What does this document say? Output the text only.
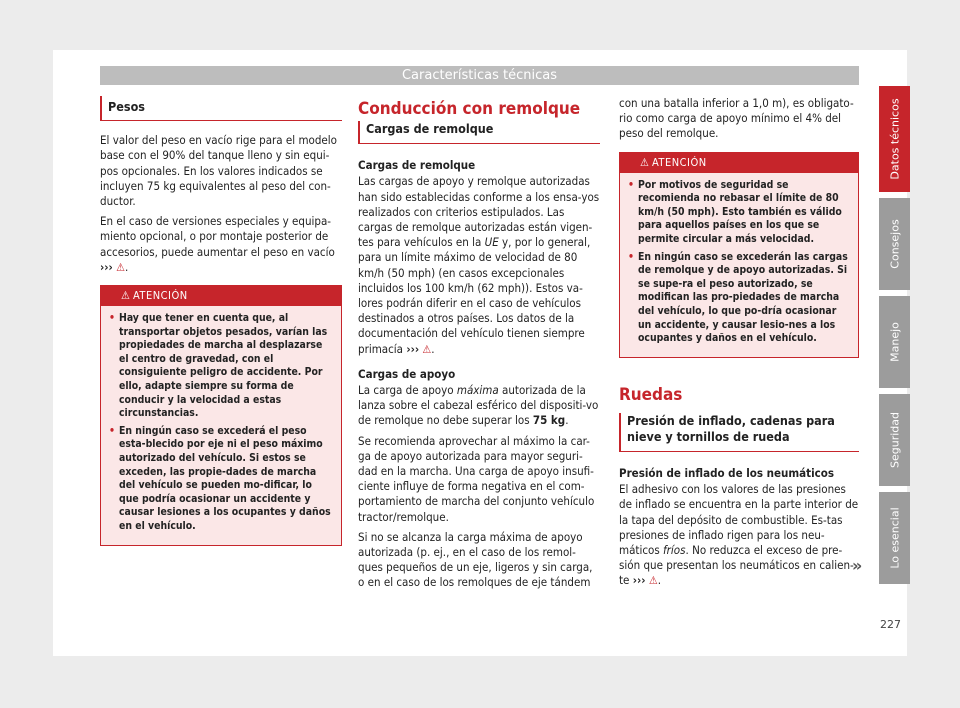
Características técnicas
Pesos

El valor del peso en vacío rige para el modelo base con el 90% del tanque lleno y sin equi-pos opcionales. En los valores indicados se incluyen 75 kg equivalentes al peso del con-ductor.

En el caso de versiones especiales y equipa-miento opcional, o por montaje posterior de accesorios, puede aumentar el peso en vacío ››› ⚠.

⚠ ATENCIÓN
• Hay que tener en cuenta que, al transportar objetos pesados, varían las propiedades de marcha al desplazarse el centro de gravedad, con el consiguiente peligro de accidente. Por ello, adapte siempre su forma de conducir y la velocidad a estas circunstancias.
• En ningún caso se excederá el peso esta-blecido por eje ni el peso máximo autorizado del vehículo. Si estos se exceden, las propie-dades de marcha del vehículo se pueden mo-dificar, lo que podría ocasionar un accidente y causar lesiones a los ocupantes y daños en el vehículo.
Conducción con remolque
Cargas de remolque
Cargas de remolque

Las cargas de apoyo y remolque autorizadas han sido establecidas conforme a los ensa-yos realizados con criterios estipulados. Las cargas de remolque autorizadas están vigen-tes para vehículos en la UE y, por lo general, para un límite máximo de velocidad de 80 km/h (50 mph) (en casos excepcionales incluidos los 100 km/h (62 mph)). Estos va-lores podrán diferir en el caso de vehículos destinados a otros países. Los datos de la documentación del vehículo tienen siempre primacía ››› ⚠.

Cargas de apoyo

La carga de apoyo máxima autorizada de la lanza sobre el cabezal esférico del dispositi-vo de remolque no debe superar los 75 kg.

Se recomienda aprovechar al máximo la car-ga de apoyo autorizada para mayor seguri-dad en la marcha. Una carga de apoyo insufi-ciente influye de forma negativa en el com-portamiento de marcha del conjunto vehículo tractor/remolque.

Si no se alcanza la carga máxima de apoyo autorizada (p. ej., en el caso de los remol-ques pequeños de un eje, ligeros y sin carga, o en el caso de los remolques de eje tándem

con una batalla inferior a 1,0 m), es obligato-rio como carga de apoyo mínimo el 4% del peso del remolque.

⚠ ATENCIÓN
• Por motivos de seguridad se recomienda no rebasar el límite de 80 km/h (50 mph). Esto también es válido para aquellos países en los que se permite circular a más velocidad.
• En ningún caso se excederán las cargas de remolque y de apoyo autorizadas. Si se supe-ra el peso autorizado, se modifican las pro-piedades de marcha del vehículo, lo que po-dría ocasionar un accidente, y causar lesio-nes a los ocupantes y daños en el vehículo.
Ruedas
Presión de inflado, cadenas para nieve y tornillos de rueda
Presión de inflado de los neumáticos

El adhesivo con los valores de las presiones de inflado se encuentra en la parte interior de la tapa del depósito de combustible. Es-tas presiones de inflado rigen para los neu-máticos fríos. No reduzca el exceso de pre-sión que presentan los neumáticos en calien-te ››› ⚠.

»
Datos técnicos
Consejos
Manejo
Seguridad
Lo esencial
227
